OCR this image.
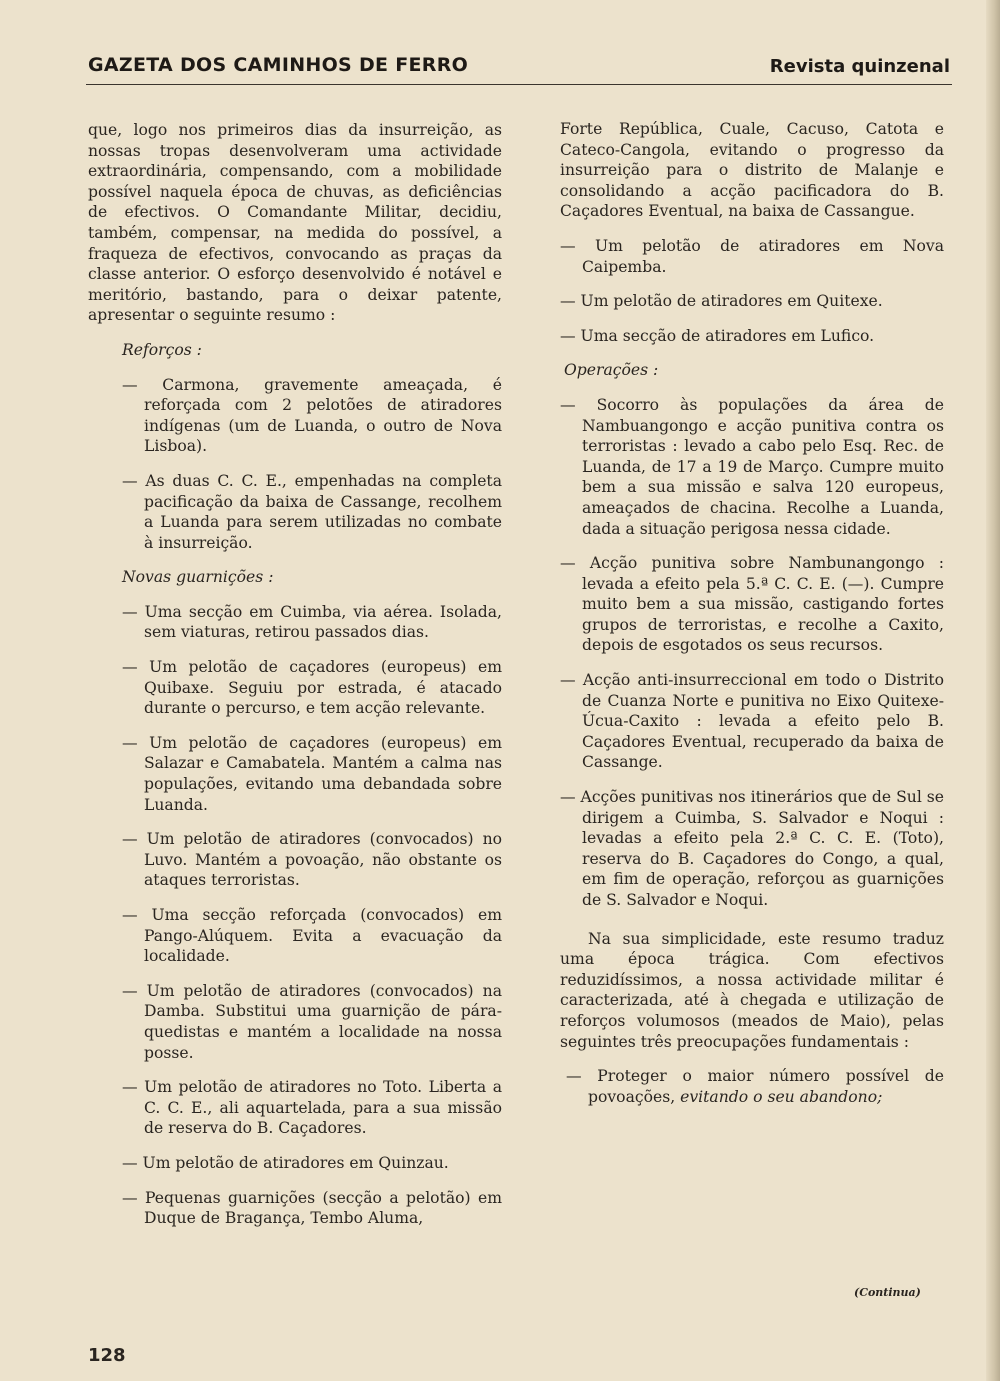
GAZETA DOS CAMINHOS DE FERRO	Revista quinzenal

que, logo nos primeiros dias da insurreição, as nossas tropas desenvolveram uma actividade extraordinária, compensando, com a mobilidade possível naquela época de chuvas, as deficiências de efectivos. O Comandante Militar, decidiu, também, compensar, na medida do possível, a fraqueza de efectivos, convocando as praças da classe anterior. O esforço desenvolvido é notável e meritório, bastando, para o deixar patente, apresentar o seguinte resumo :

Reforços :

— Carmona, gravemente ameaçada, é reforçada com 2 pelotões de atiradores indígenas (um de Luanda, o outro de Nova Lisboa).

— As duas C. C. E., empenhadas na completa pacificação da baixa de Cassange, recolhem a Luanda para serem utilizadas no combate à insurreição.

Novas guarnições :

— Uma secção em Cuimba, via aérea. Isolada, sem viaturas, retirou passados dias.

— Um pelotão de caçadores (europeus) em Quibaxe. Seguiu por estrada, é atacado durante o percurso, e tem acção relevante.

— Um pelotão de caçadores (europeus) em Salazar e Camabatela. Mantém a calma nas populações, evitando uma debandada sobre Luanda.

— Um pelotão de atiradores (convocados) no Luvo. Mantém a povoação, não obstante os ataques terroristas.

— Uma secção reforçada (convocados) em Pango-Alúquem. Evita a evacuação da localidade.

— Um pelotão de atiradores (convocados) na Damba. Substitui uma guarnição de pára-quedistas e mantém a localidade na nossa posse.

— Um pelotão de atiradores no Toto. Liberta a C. C. E., ali aquartelada, para a sua missão de reserva do B. Caçadores.

— Um pelotão de atiradores em Quinzau.

— Pequenas guarnições (secção a pelotão) em Duque de Bragança, Tembo Aluma,

Forte República, Cuale, Cacuso, Catota e Cateco-Cangola, evitando o progresso da insurreição para o distrito de Malanje e consolidando a acção pacificadora do B. Caçadores Eventual, na baixa de Cassangue.

— Um pelotão de atiradores em Nova Caipemba.

— Um pelotão de atiradores em Quitexe.

— Uma secção de atiradores em Lufico.

Operações :

— Socorro às populações da área de Nambuangongo e acção punitiva contra os terroristas : levado a cabo pelo Esq. Rec. de Luanda, de 17 a 19 de Março. Cumpre muito bem a sua missão e salva 120 europeus, ameaçados de chacina. Recolhe a Luanda, dada a situação perigosa nessa cidade.

— Acção punitiva sobre Nambunangongo : levada a efeito pela 5.ª C. C. E. (—). Cumpre muito bem a sua missão, castigando fortes grupos de terroristas, e recolhe a Caxito, depois de esgotados os seus recursos.

— Acção anti-insurreccional em todo o Distrito de Cuanza Norte e punitiva no Eixo Quitexe-Úcua-Caxito : levada a efeito pelo B. Caçadores Eventual, recuperado da baixa de Cassange.

— Acções punitivas nos itinerários que de Sul se dirigem a Cuimba, S. Salvador e Noqui : levadas a efeito pela 2.ª C. C. E. (Toto), reserva do B. Caçadores do Congo, a qual, em fim de operação, reforçou as guarnições de S. Salvador e Noqui.

Na sua simplicidade, este resumo traduz uma época trágica. Com efectivos reduzidíssimos, a nossa actividade militar é caracterizada, até à chegada e utilização de reforços volumosos (meados de Maio), pelas seguintes três preocupações fundamentais :

— Proteger o maior número possível de povoações, evitando o seu abandono;

(Continua)
128
